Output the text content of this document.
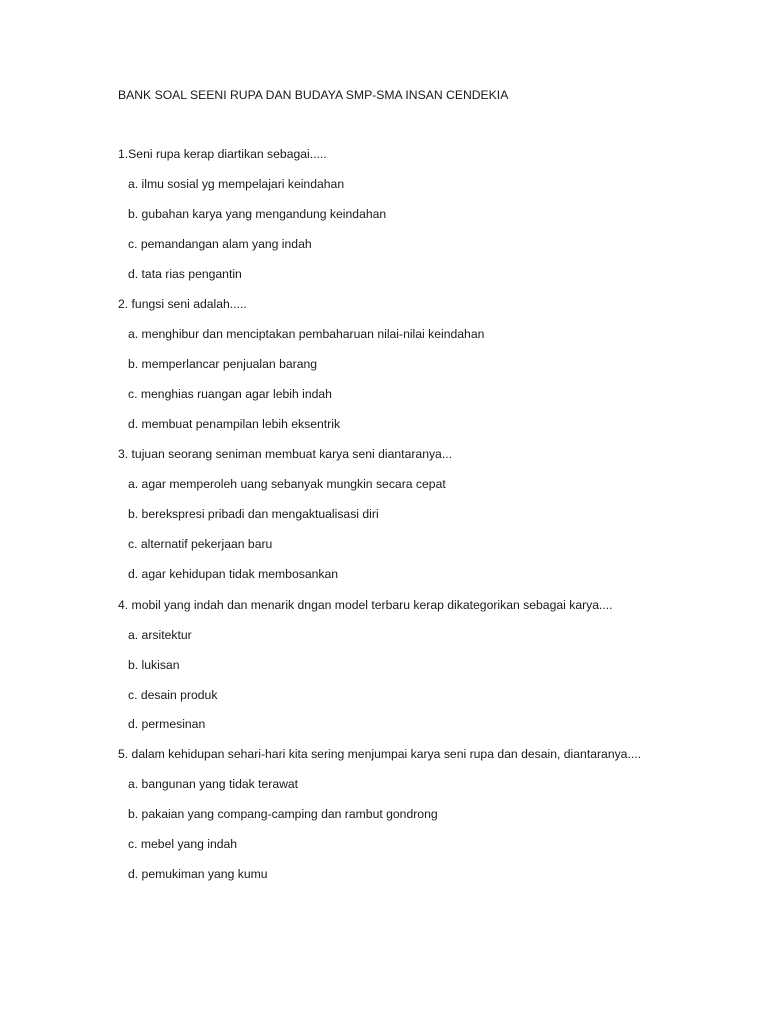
BANK SOAL SEENI RUPA DAN BUDAYA SMP-SMA INSAN CENDEKIA
1.Seni rupa kerap diartikan sebagai.....
a. ilmu sosial yg mempelajari keindahan
b. gubahan karya yang mengandung keindahan
c. pemandangan alam yang indah
d. tata rias pengantin
2. fungsi seni adalah.....
a. menghibur dan menciptakan pembaharuan nilai-nilai keindahan
b. memperlancar penjualan barang
c. menghias ruangan agar lebih indah
d. membuat penampilan lebih eksentrik
3. tujuan seorang seniman membuat karya seni diantaranya...
a. agar memperoleh uang sebanyak mungkin secara cepat
b. berekspresi pribadi dan mengaktualisasi diri
c. alternatif pekerjaan baru
d. agar kehidupan tidak membosankan
4. mobil yang indah dan menarik dngan model terbaru kerap dikategorikan sebagai karya....
a. arsitektur
b. lukisan
c. desain produk
d. permesinan
5. dalam kehidupan sehari-hari kita sering menjumpai karya seni rupa dan desain, diantaranya....
a. bangunan yang tidak terawat
b. pakaian yang compang-camping dan rambut gondrong
c. mebel yang indah
d. pemukiman yang kumu
